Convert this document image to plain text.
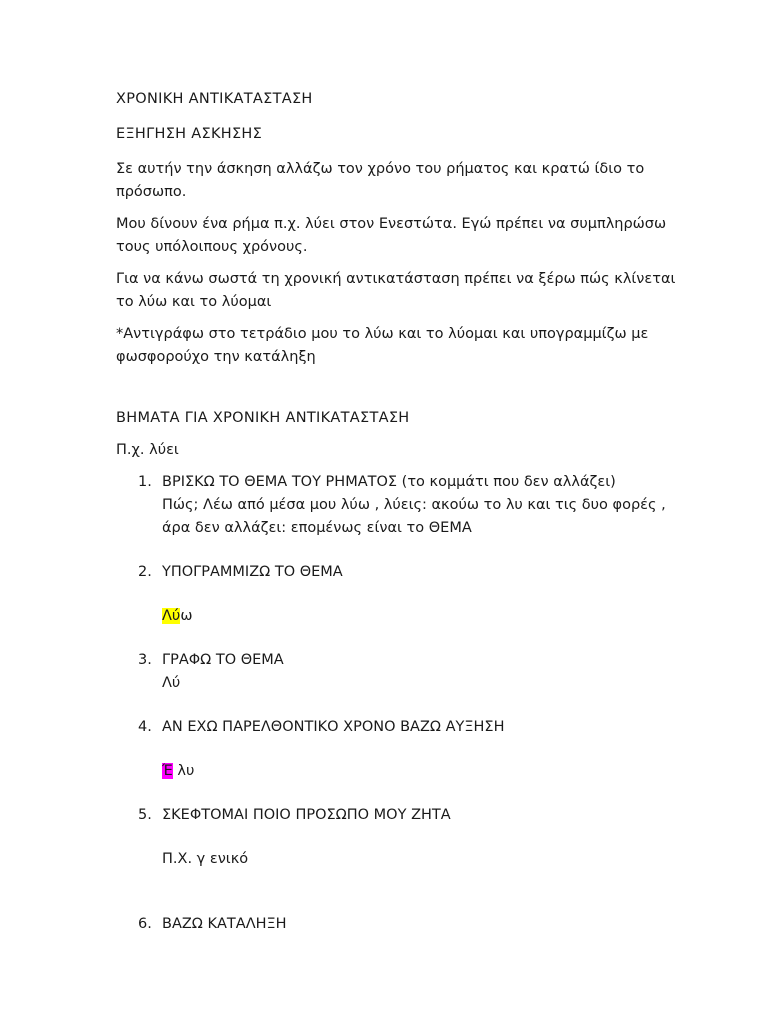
ΧΡΟΝΙΚΗ ΑΝΤΙΚΑΤΑΣΤΑΣΗ

ΕΞΗΓΗΣΗ ΑΣΚΗΣΗΣ

Σε αυτήν την άσκηση αλλάζω τον χρόνο του ρήματος και κρατώ ίδιο το

πρόσωπο.

Μου δίνουν ένα ρήμα π.χ. λύει στον Ενεστώτα. Εγώ πρέπει να συμπληρώσω

τους υπόλοιπους χρόνους.

Για να κάνω σωστά τη χρονική αντικατάσταση πρέπει να ξέρω πώς κλίνεται

το λύω και το λύομαι

*Αντιγράφω στο τετράδιο μου το λύω και το λύομαι και υπογραμμίζω με

φωσφορούχο την κατάληξη

ΒΗΜΑΤΑ ΓΙΑ ΧΡΟΝΙΚΗ ΑΝΤΙΚΑΤΑΣΤΑΣΗ

Π.χ. λύει

1. ΒΡΙΣΚΩ ΤΟ ΘΕΜΑ ΤΟΥ ΡΗΜΑΤΟΣ (το κομμάτι που δεν αλλάζει)

Πώς; Λέω από μέσα μου λύω , λύεις: ακούω το λυ και τις δυο φορές ,

άρα δεν αλλάζει: επομένως είναι το ΘΕΜΑ

2. ΥΠΟΓΡΑΜΜΙΖΩ ΤΟ ΘΕΜΑ

Λύω

3. ΓΡΑΦΩ ΤΟ ΘΕΜΑ

Λύ

4. ΑΝ ΕΧΩ ΠΑΡΕΛΘΟΝΤΙΚΟ ΧΡΟΝΟ ΒΑΖΩ ΑΥΞΗΣΗ

Έ λυ

5. ΣΚΕΦΤΟΜΑΙ ΠΟΙΟ ΠΡΟΣΩΠΟ ΜΟΥ ΖΗΤΑ

Π.Χ. γ ενικό

6. ΒΑΖΩ ΚΑΤΑΛΗΞΗ
